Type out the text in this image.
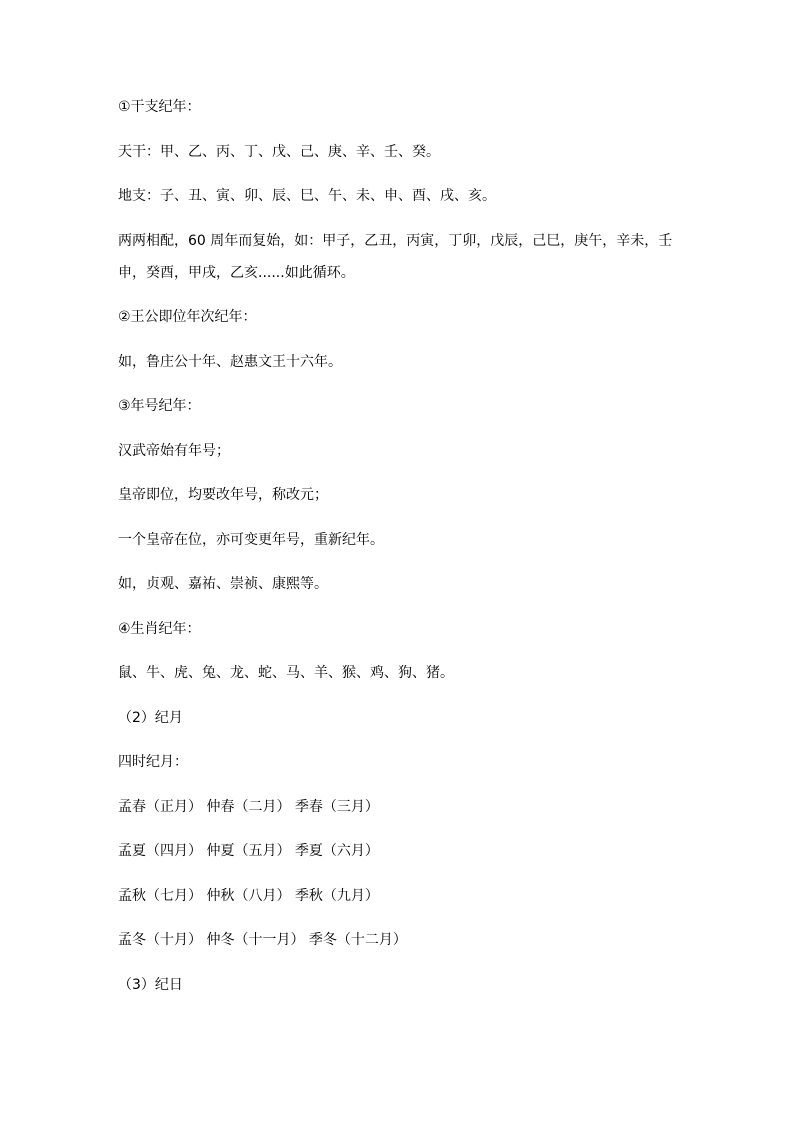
①干支纪年：

天干：甲、乙、丙、丁、戊、己、庚、辛、壬、癸。

地支：子、丑、寅、卯、辰、巳、午、未、申、酉、戌、亥。

两两相配，60 周年而复始，如：甲子，乙丑，丙寅，丁卯，戊辰，己巳，庚午，辛未，壬申，癸酉，甲戌，乙亥......如此循环。

②王公即位年次纪年：

如，鲁庄公十年、赵惠文王十六年。

③年号纪年：

汉武帝始有年号；

皇帝即位，均要改年号，称改元；

一个皇帝在位，亦可变更年号，重新纪年。

如，贞观、嘉祐、崇祯、康熙等。

④生肖纪年：

鼠、牛、虎、兔、龙、蛇、马、羊、猴、鸡、狗、猪。

（2）纪月

四时纪月：

孟春（正月） 仲春（二月） 季春（三月）

孟夏（四月） 仲夏（五月） 季夏（六月）

孟秋（七月） 仲秋（八月） 季秋（九月）

孟冬（十月） 仲冬（十一月） 季冬（十二月）

（3）纪日
